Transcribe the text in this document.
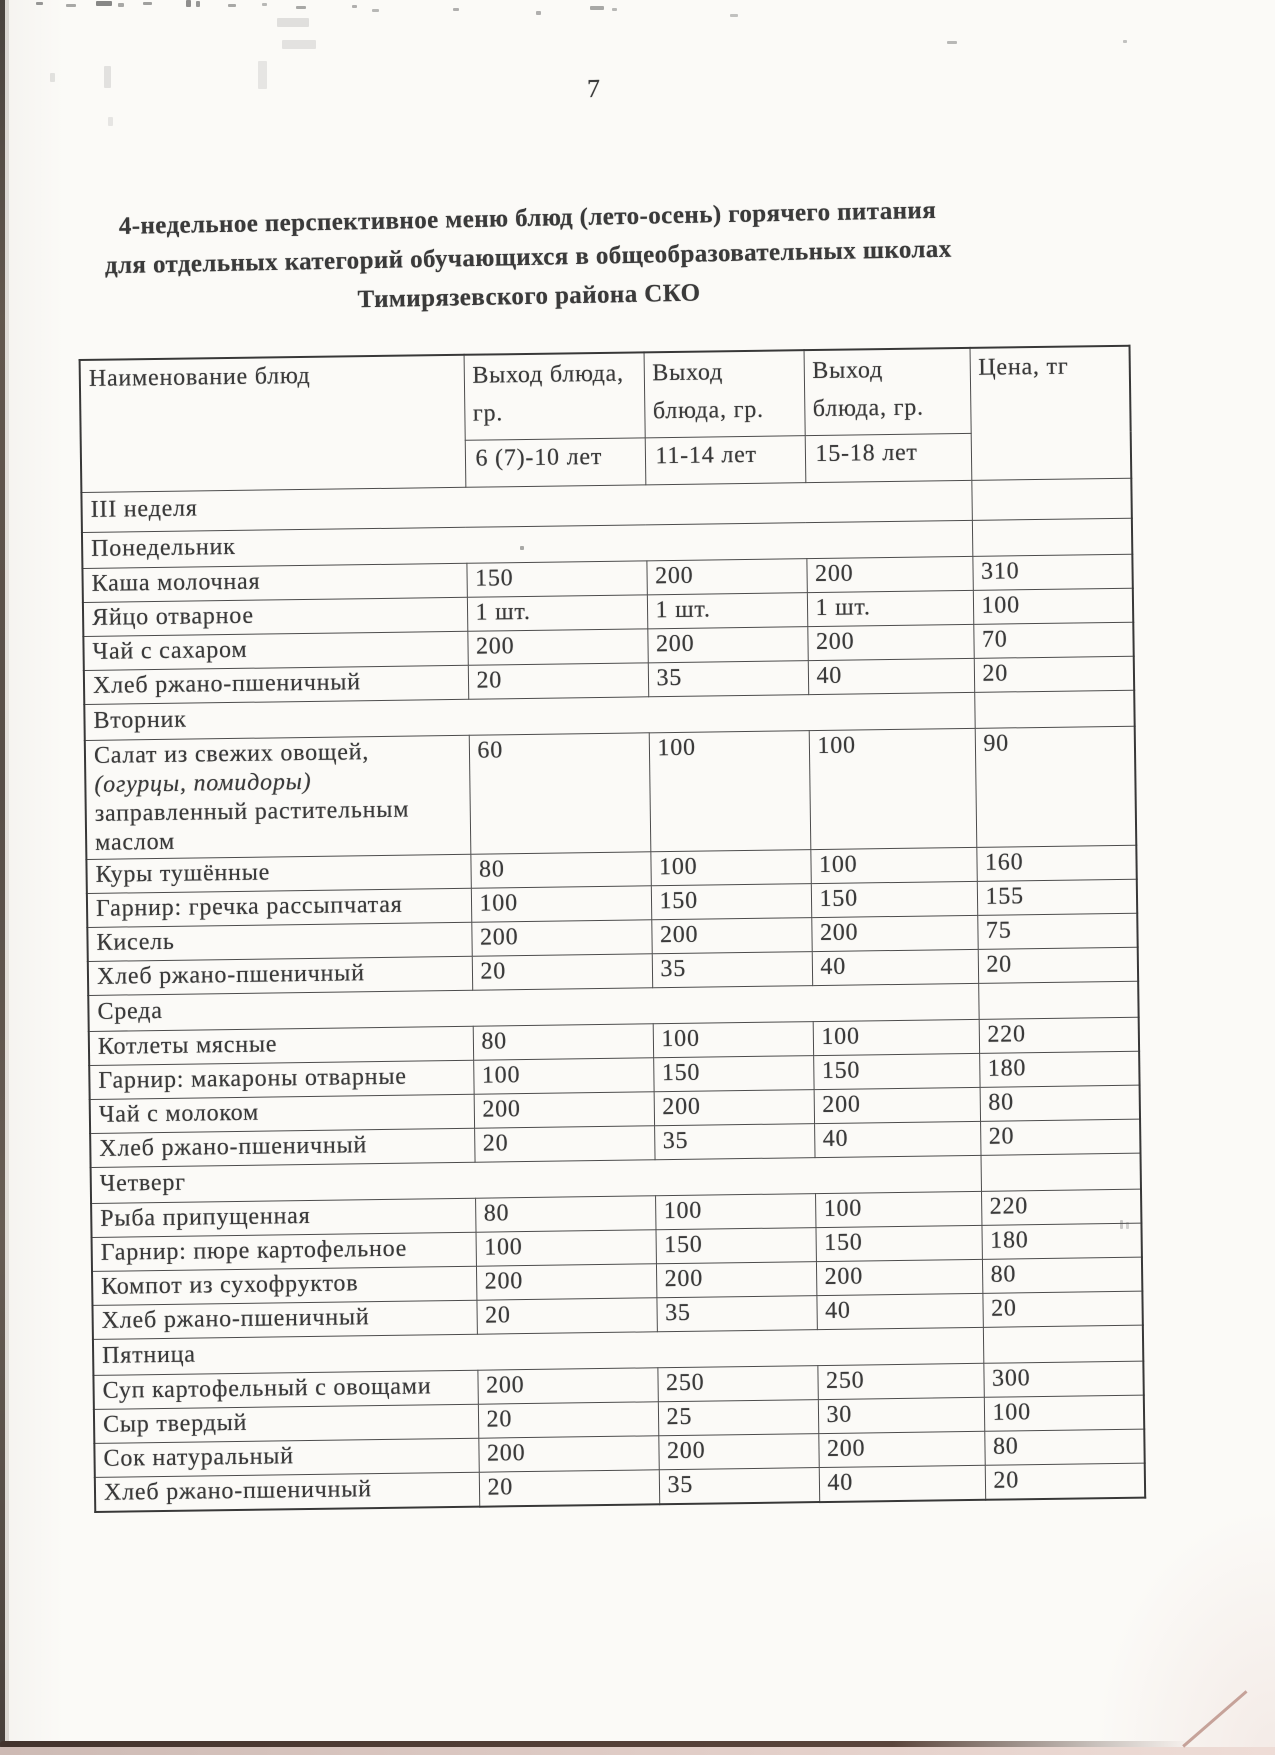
7
4-недельное перспективное меню блюд (лето-осень) горячего питания
для отдельных категорий обучающихся в общеобразовательных школах
Тимирязевского района СКО
Наименование блюд	Выход блюда, гр.	Выход блюда, гр.	Выход блюда, гр.	Цена, тг
	6 (7)-10 лет	11-14 лет	15-18 лет	
III неделя				
Понедельник				
Каша молочная	150	200	200	310
Яйцо отварное	1 шт.	1 шт.	1 шт.	100
Чай с сахаром	200	200	200	70
Хлеб ржано-пшеничный	20	35	40	20
Вторник				
Салат из свежих овощей,
(огурцы, помидоры)
заправленный растительным
маслом	60	100	100	90
Куры тушённые	80	100	100	160
Гарнир: гречка рассыпчатая	100	150	150	155
Кисель	200	200	200	75
Хлеб ржано-пшеничный	20	35	40	20
Среда				
Котлеты мясные	80	100	100	220
Гарнир: макароны отварные	100	150	150	180
Чай с молоком	200	200	200	80
Хлеб ржано-пшеничный	20	35	40	20
Четверг				
Рыба припущенная	80	100	100	220
Гарнир: пюре картофельное	100	150	150	180
Компот из сухофруктов	200	200	200	80
Хлеб ржано-пшеничный	20	35	40	20
Пятница				
Суп картофельный с овощами	200	250	250	300
Сыр твердый	20	25	30	100
Сок натуральный	200	200	200	80
Хлеб ржано-пшеничный	20	35	40	20
